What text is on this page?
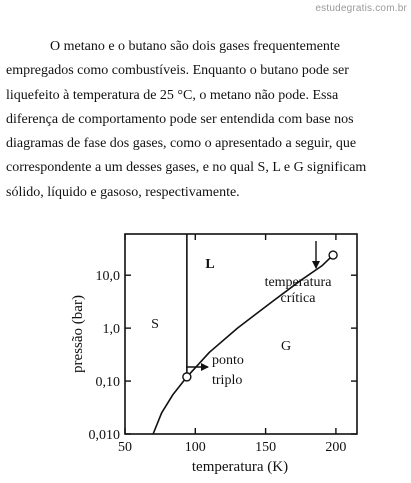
estudegratis.com.br
O metano e o butano são dois gases frequentemente
empregados como combustíveis. Enquanto o butano pode ser
liquefeito à temperatura de 25 °C, o metano não pode. Essa
diferença de comportamento pode ser entendida com base nos
diagramas de fase dos gases, como o apresentado a seguir, que
correspondente a um desses gases, e no qual S, L e G significam
sólido, líquido e gasoso, respectivamente.
50	100	150	200
0,010
0,10
1,0
10,0
temperatura (K)
pressão (bar)	S
L
G
ponto
triplo
temperatura
crítica
